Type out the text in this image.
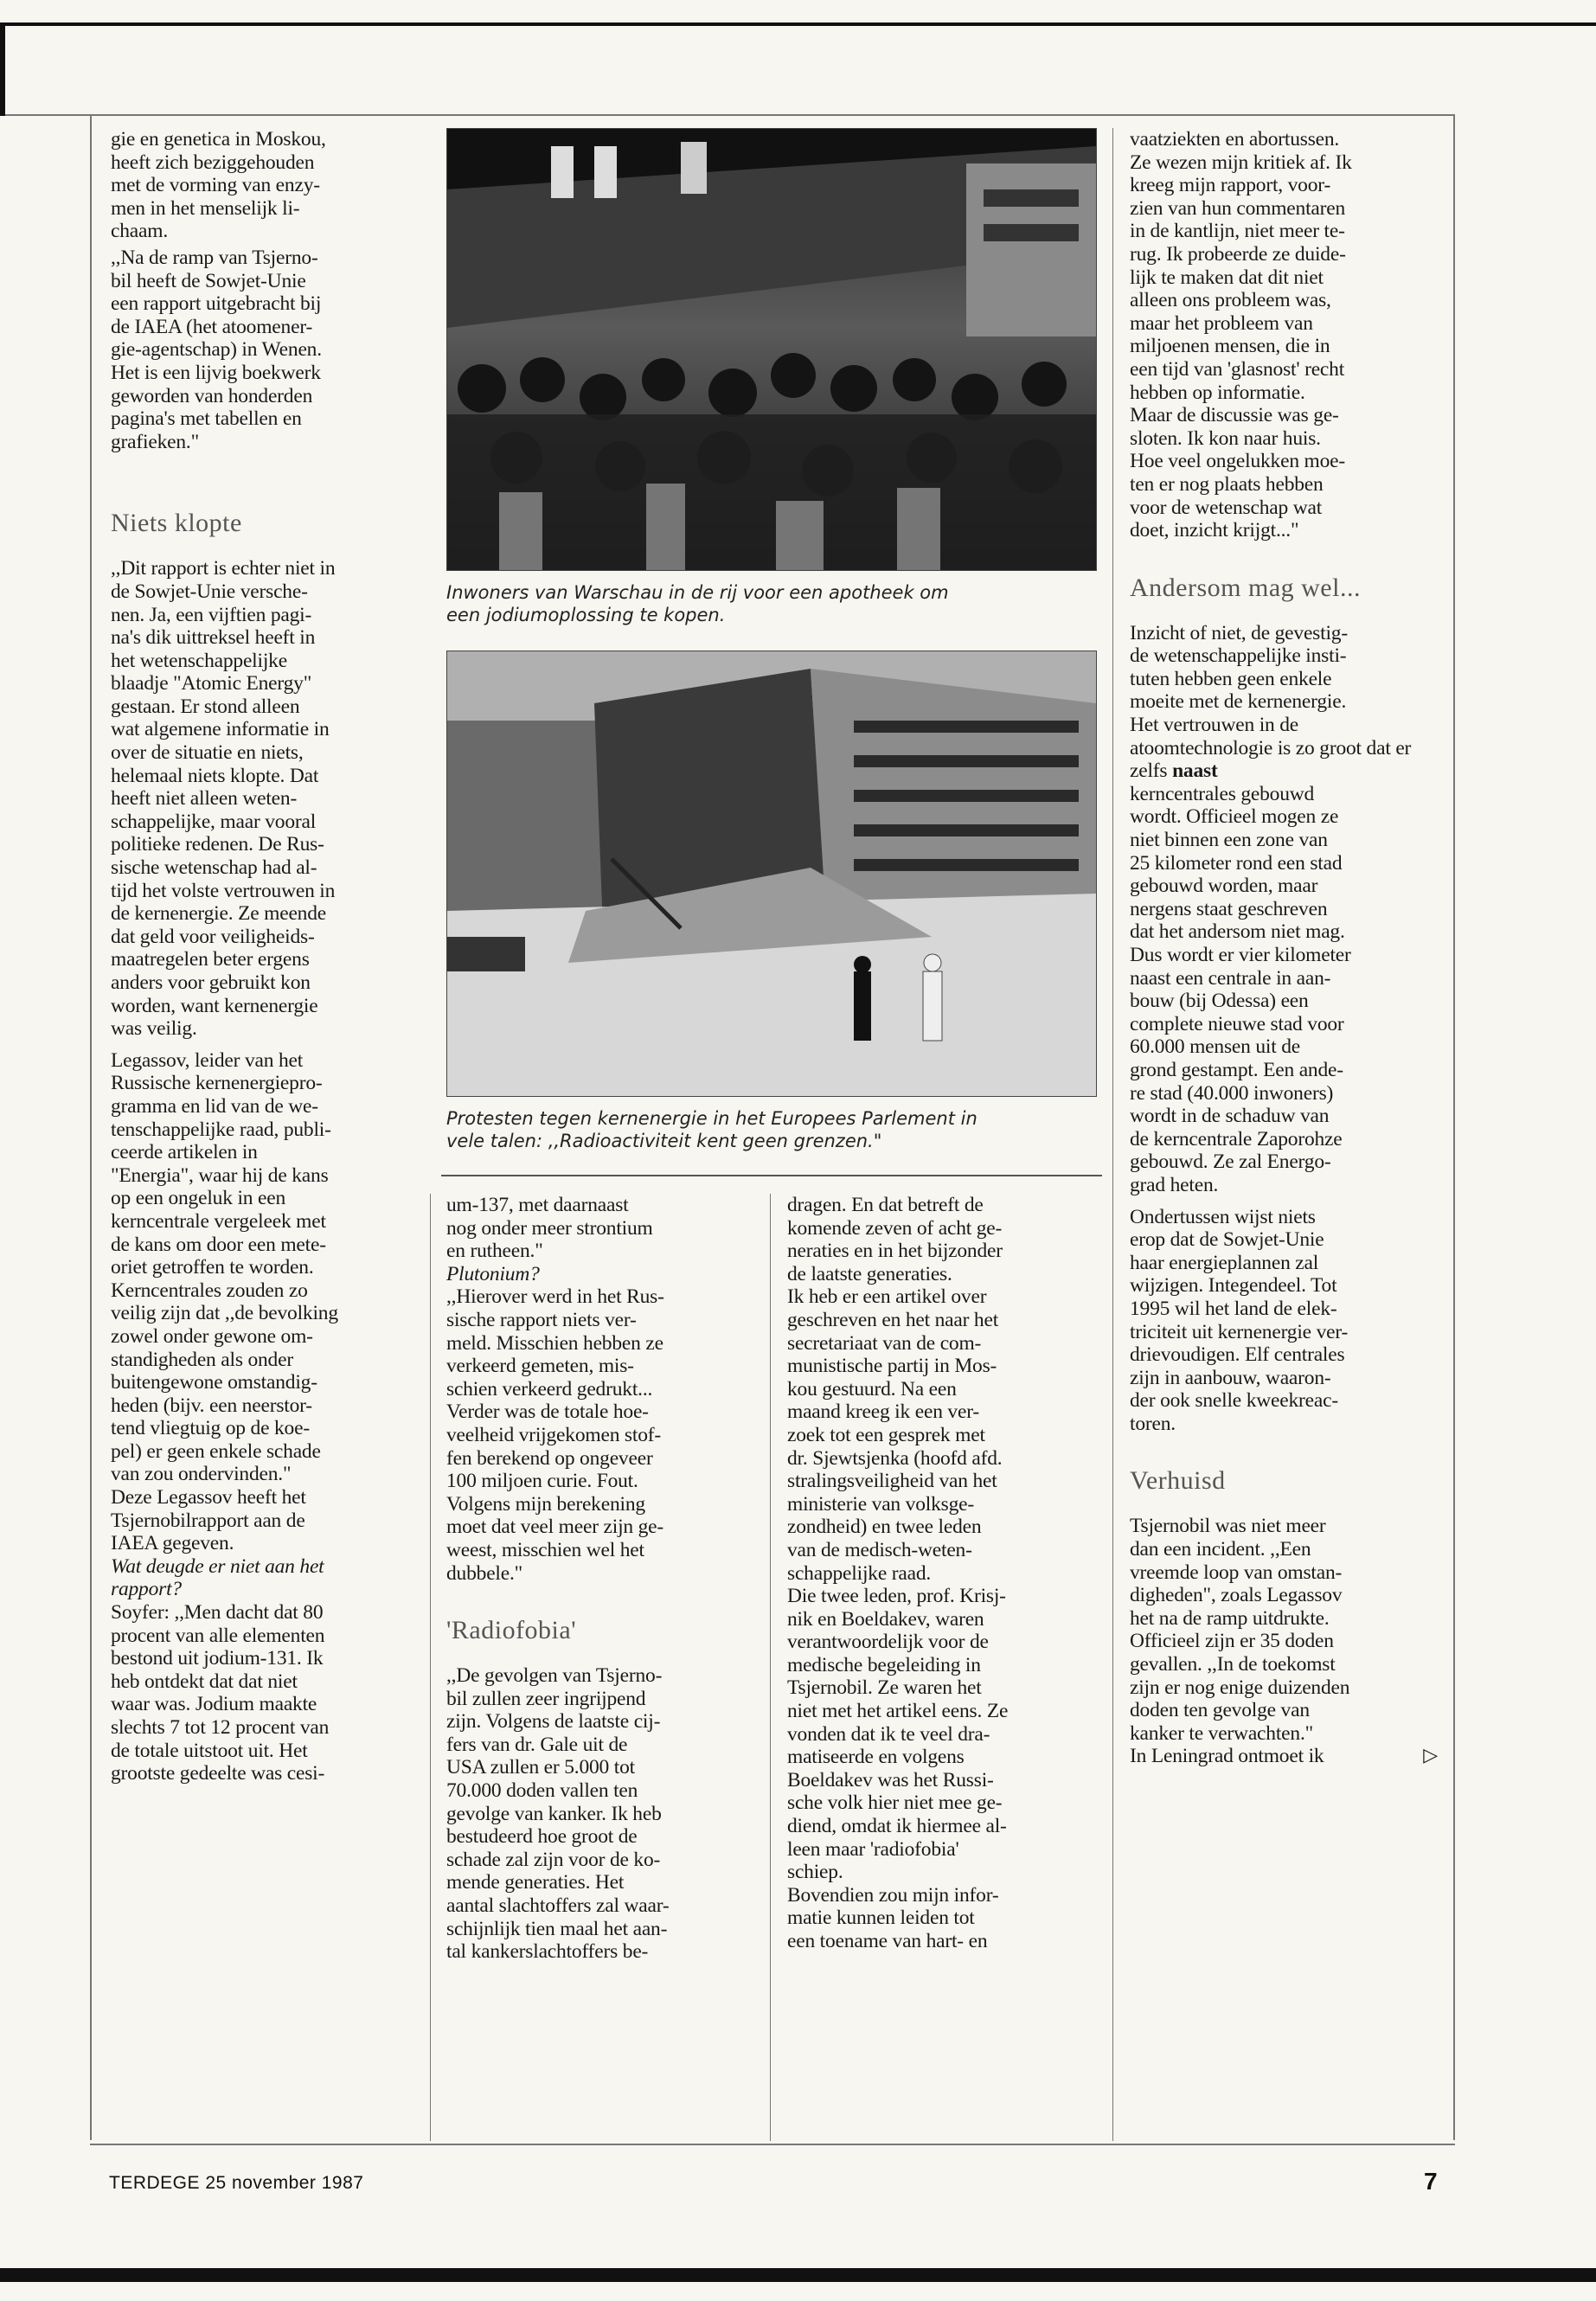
gie en genetica in Moskou,
heeft zich beziggehouden
met de vorming van enzy-
men in het menselijk li-
chaam.

,,Na de ramp van Tsjerno-
bil heeft de Sowjet-Unie
een rapport uitgebracht bij
de IAEA (het atoomener-
gie-agentschap) in Wenen.
Het is een lijvig boekwerk
geworden van honderden
pagina's met tabellen en
grafieken."

Niets klopte

,,Dit rapport is echter niet in
de Sowjet-Unie versche-
nen. Ja, een vijftien pagi-
na's dik uittreksel heeft in
het wetenschappelijke
blaadje "Atomic Energy"
gestaan. Er stond alleen
wat algemene informatie in
over de situatie en niets,
helemaal niets klopte. Dat
heeft niet alleen weten-
schappelijke, maar vooral
politieke redenen. De Rus-
sische wetenschap had al-
tijd het volste vertrouwen in
de kernenergie. Ze meende
dat geld voor veiligheids-
maatregelen beter ergens
anders voor gebruikt kon
worden, want kernenergie
was veilig.

Legassov, leider van het
Russische kernenergiepro-
gramma en lid van de we-
tenschappelijke raad, publi-
ceerde artikelen in
"Energia", waar hij de kans
op een ongeluk in een
kerncentrale vergeleek met
de kans om door een mete-
oriet getroffen te worden.
Kerncentrales zouden zo
veilig zijn dat ,,de bevolking
zowel onder gewone om-
standigheden als onder
buitengewone omstandig-
heden (bijv. een neerstor-
tend vliegtuig op de koe-
pel) er geen enkele schade
van zou ondervinden."
Deze Legassov heeft het
Tsjernobilrapport aan de
IAEA gegeven.

Wat deugde er niet aan het
rapport?

Soyfer: ,,Men dacht dat 80
procent van alle elementen
bestond uit jodium-131. Ik
heb ontdekt dat dat niet
waar was. Jodium maakte
slechts 7 tot 12 procent van
de totale uitstoot uit. Het
grootste gedeelte was cesi-

Inwoners van Warschau in de rij voor een apotheek om
een jodiumoplossing te kopen.
Protesten tegen kernenergie in het Europees Parlement in
vele talen: ,,Radioactiviteit kent geen grenzen."

um-137, met daarnaast
nog onder meer strontium
en rutheen."

Plutonium?

,,Hierover werd in het Rus-
sische rapport niets ver-
meld. Misschien hebben ze
verkeerd gemeten, mis-
schien verkeerd gedrukt...
Verder was de totale hoe-
veelheid vrijgekomen stof-
fen berekend op ongeveer
100 miljoen curie. Fout.
Volgens mijn berekening
moet dat veel meer zijn ge-
weest, misschien wel het
dubbele."

'Radiofobia'

,,De gevolgen van Tsjerno-
bil zullen zeer ingrijpend
zijn. Volgens de laatste cij-
fers van dr. Gale uit de
USA zullen er 5.000 tot
70.000 doden vallen ten
gevolge van kanker. Ik heb
bestudeerd hoe groot de
schade zal zijn voor de ko-
mende generaties. Het
aantal slachtoffers zal waar-
schijnlijk tien maal het aan-
tal kankerslachtoffers be-

dragen. En dat betreft de
komende zeven of acht ge-
neraties en in het bijzonder
de laatste generaties.

Ik heb er een artikel over
geschreven en het naar het
secretariaat van de com-
munistische partij in Mos-
kou gestuurd. Na een
maand kreeg ik een ver-
zoek tot een gesprek met
dr. Sjewtsjenka (hoofd afd.
stralingsveiligheid van het
ministerie van volksge-
zondheid) en twee leden
van de medisch-weten-
schappelijke raad.

Die twee leden, prof. Krisj-
nik en Boeldakev, waren
verantwoordelijk voor de
medische begeleiding in
Tsjernobil. Ze waren het
niet met het artikel eens. Ze
vonden dat ik te veel dra-
matiseerde en volgens
Boeldakev was het Russi-
sche volk hier niet mee ge-
diend, omdat ik hiermee al-
leen maar 'radiofobia'
schiep.

Bovendien zou mijn infor-
matie kunnen leiden tot
een toename van hart- en

vaatziekten en abortussen.
Ze wezen mijn kritiek af. Ik
kreeg mijn rapport, voor-
zien van hun commentaren
in de kantlijn, niet meer te-
rug. Ik probeerde ze duide-
lijk te maken dat dit niet
alleen ons probleem was,
maar het probleem van
miljoenen mensen, die in
een tijd van 'glasnost' recht
hebben op informatie.
Maar de discussie was ge-
sloten. Ik kon naar huis.
Hoe veel ongelukken moe-
ten er nog plaats hebben
voor de wetenschap wat
doet, inzicht krijgt..."

Andersom mag wel...

Inzicht of niet, de gevestig-
de wetenschappelijke insti-
tuten hebben geen enkele
moeite met de kernenergie.
Het vertrouwen in de
atoomtechnologie is zo groot dat er zelfs naast
kerncentrales gebouwd
wordt. Officieel mogen ze
niet binnen een zone van
25 kilometer rond een stad
gebouwd worden, maar
nergens staat geschreven
dat het andersom niet mag.
Dus wordt er vier kilometer
naast een centrale in aan-
bouw (bij Odessa) een
complete nieuwe stad voor
60.000 mensen uit de
grond gestampt. Een ande-
re stad (40.000 inwoners)
wordt in de schaduw van
de kerncentrale Zaporohze
gebouwd. Ze zal Energo-
grad heten.

Ondertussen wijst niets
erop dat de Sowjet-Unie
haar energieplannen zal
wijzigen. Integendeel. Tot
1995 wil het land de elek-
triciteit uit kernenergie ver-
drievoudigen. Elf centrales
zijn in aanbouw, waaron-
der ook snelle kweekreac-
toren.

Verhuisd

Tsjernobil was niet meer
dan een incident. ,,Een
vreemde loop van omstan-
digheden", zoals Legassov
het na de ramp uitdrukte.
Officieel zijn er 35 doden
gevallen. ,,In de toekomst
zijn er nog enige duizenden
doden ten gevolge van
kanker te verwachten."
In Leningrad ontmoet ik	▷

TERDEGE 25 november 1987	7
